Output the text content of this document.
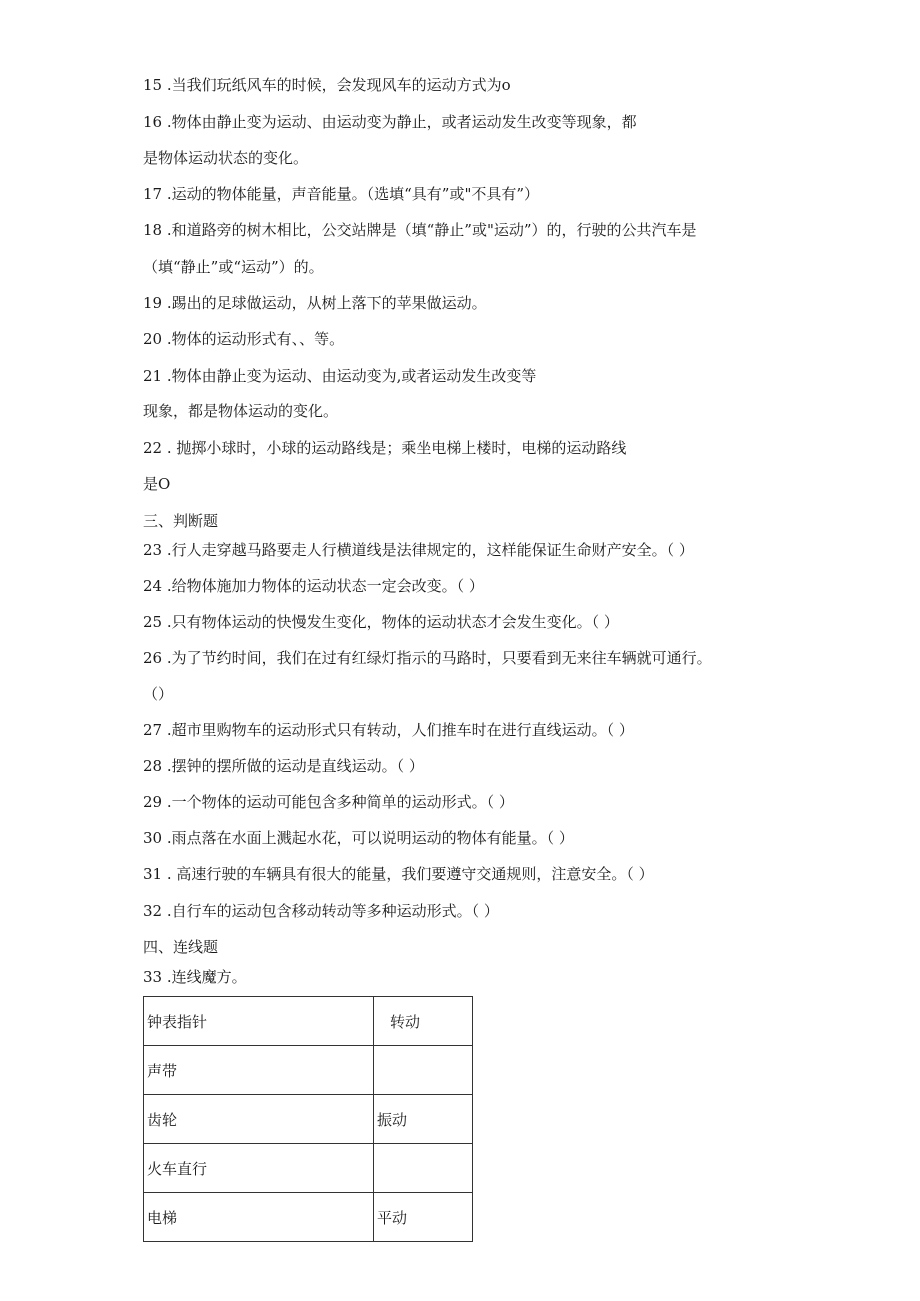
15 .当我们玩纸风车的时候，会发现风车的运动方式为o
16 .物体由静止变为运动、由运动变为静止，或者运动发生改变等现象，都
是物体运动状态的变化。
17 .运动的物体能量，声音能量。（选填“具有”或"不具有”）
18 .和道路旁的树木相比，公交站牌是（填“静止”或"运动”）的，行驶的公共汽车是
（填“静止”或“运动”）的。
19 .踢出的足球做运动，从树上落下的苹果做运动。
20 .物体的运动形式有、、等。
21 .物体由静止变为运动、由运动变为,或者运动发生改变等
现象，都是物体运动的变化。
22 . 抛掷小球时，小球的运动路线是；乘坐电梯上楼时，电梯的运动路线
是O
三、判断题
23 .行人走穿越马路要走人行横道线是法律规定的，这样能保证生命财产安全。（ ）
24 .给物体施加力物体的运动状态一定会改变。（ ）
25 .只有物体运动的快慢发生变化，物体的运动状态才会发生变化。（ ）
26 .为了节约时间，我们在过有红绿灯指示的马路时，只要看到无来往车辆就可通行。
（）
27 .超市里购物车的运动形式只有转动，人们推车时在进行直线运动。（ ）
28 .摆钟的摆所做的运动是直线运动。（ ）
29 .一个物体的运动可能包含多种简单的运动形式。（ ）
30 .雨点落在水面上溅起水花，可以说明运动的物体有能量。（ ）
31 . 高速行驶的车辆具有很大的能量，我们要遵守交通规则，注意安全。（ ）
32 .自行车的运动包含移动转动等多种运动形式。（ ）
四、连线题
33 .连线魔方。
钟表指针	转动
声带	
齿轮	振动
火车直行	
电梯	平动
